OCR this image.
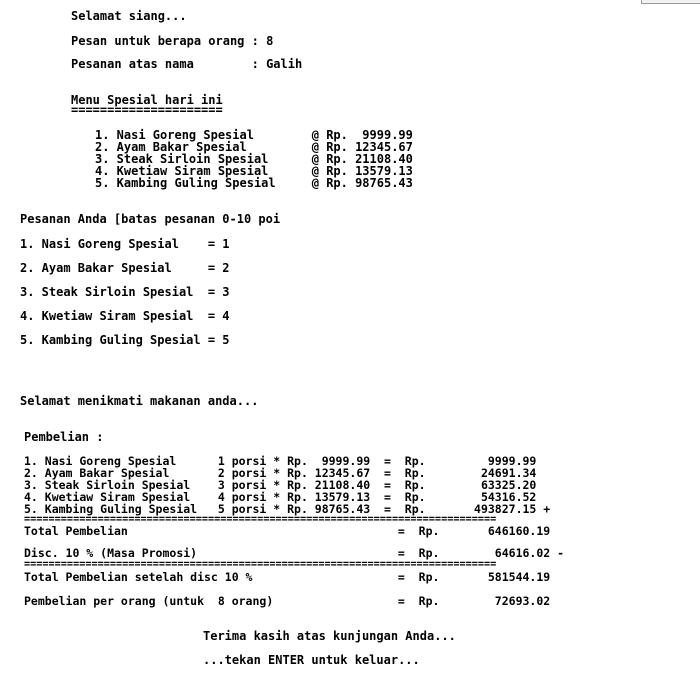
Selamat siang...
Pesan untuk berapa orang : 8
Pesanan atas nama        : Galih
Menu Spesial hari ini
=====================
1. Nasi Goreng Spesial        @ Rp.  9999.99
2. Ayam Bakar Spesial         @ Rp. 12345.67
3. Steak Sirloin Spesial      @ Rp. 21108.40
4. Kwetiaw Siram Spesial      @ Rp. 13579.13
5. Kambing Guling Spesial     @ Rp. 98765.43
Pesanan Anda [batas pesanan 0-10 poi
1. Nasi Goreng Spesial    = 1
2. Ayam Bakar Spesial     = 2
3. Steak Sirloin Spesial  = 3
4. Kwetiaw Siram Spesial  = 4
5. Kambing Guling Spesial = 5
Selamat menikmati makanan anda...
Pembelian :
1. Nasi Goreng Spesial      1 porsi * Rp.  9999.99  =  Rp.         9999.99
2. Ayam Bakar Spesial       2 porsi * Rp. 12345.67  =  Rp.        24691.34
3. Steak Sirloin Spesial    3 porsi * Rp. 21108.40  =  Rp.        63325.20
4. Kwetiaw Siram Spesial    4 porsi * Rp. 13579.13  =  Rp.        54316.52
5. Kambing Guling Spesial   5 porsi * Rp. 98765.43  =  Rp.       493827.15 +
=============================================================================
Total Pembelian                                       =  Rp.       646160.19
Disc. 10 % (Masa Promosi)                             =  Rp.        64616.02 -
=============================================================================
Total Pembelian setelah disc 10 %                     =  Rp.       581544.19
Pembelian per orang (untuk  8 orang)                  =  Rp.        72693.02
Terima kasih atas kunjungan Anda...
...tekan ENTER untuk keluar...
